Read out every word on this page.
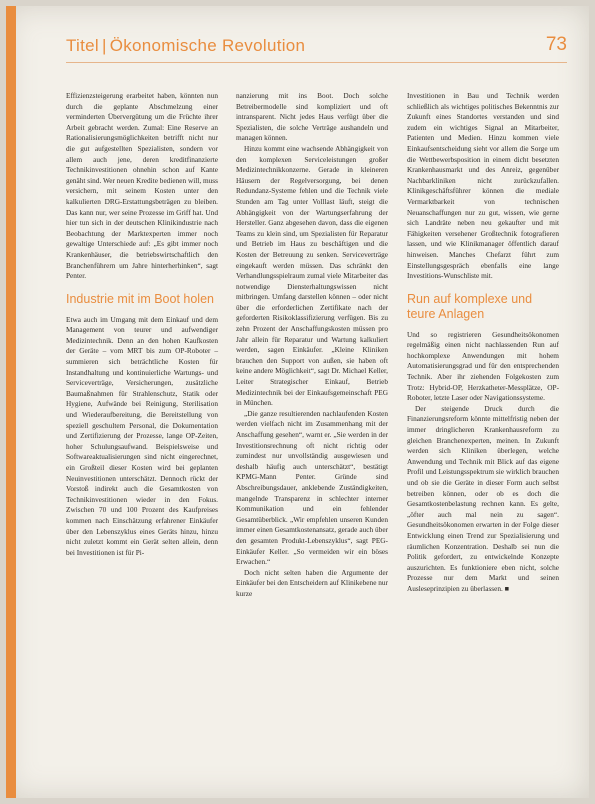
Titel | Ökonomische Revolution	73

Effizienzsteigerung erarbeitet haben, könnten nun durch die geplante Abschmelzung einer verminderten Übervergütung um die Früchte ihrer Arbeit gebracht werden. Zumal: Eine Reserve an Rationalisierungsmöglichkeiten betrifft nicht nur die gut aufgestellten Spezialisten, sondern vor allem auch jene, deren kreditfinanzierte Technikinvestitionen ohnehin schon auf Kante genäht sind. Wer neuen Kredite bedienen will, muss versichern, mit seinem Kosten unter den kalkulierten DRG-Erstattungsbeträgen zu bleiben. Das kann nur, wer seine Prozesse im Griff hat. Und hier tun sich in der deutschen Klinikindustrie nach Beobachtung der Marktexperten immer noch gewaltige Unterschiede auf: „Es gibt immer noch Krankenhäuser, die betriebswirtschaftlich den Branchenführern um Jahre hinterherhinken“, sagt Penter.

Industrie mit im Boot holen

Etwa auch im Umgang mit dem Einkauf und dem Management von teurer und aufwendiger Medizintechnik. Denn an den hohen Kaufkosten der Geräte – vom MRT bis zum OP-Roboter – summieren sich beträchtliche Kosten für Instandhaltung und kontinuierliche Wartungs- und Serviceverträge, Versicherungen, zusätzliche Baumaßnahmen für Strahlenschutz, Statik oder Hygiene, Aufwände bei Reinigung, Sterilisation und Wiederaufbereitung, die Bereitstellung von speziell geschultem Personal, die Dokumentation und Zertifizierung der Prozesse, lange OP-Zeiten, hoher Schulungsaufwand. Beispielsweise und Softwareaktualisierungen sind nicht eingerechnet, ein Großteil dieser Kosten wird bei geplanten Neuinvestitionen unterschätzt. Dennoch rückt der Vorstoß indirekt auch die Gesamtkosten von Technikinvestitionen wieder in den Fokus. Zwischen 70 und 100 Prozent des Kaufpreises kommen nach Einschätzung erfahrener Einkäufer über den Lebenszyklus eines Geräts hinzu, hinzu nicht zuletzt kommt ein Gerät selten allein, denn bei Investitionen ist für Pi-

nanzierung mit ins Boot. Doch solche Betreibermodelle sind kompliziert und oft intransparent. Nicht jedes Haus verfügt über die Spezialisten, die solche Verträge aushandeln und managen können.

Hinzu kommt eine wachsende Abhängigkeit von den komplexen Serviceleistungen großer Medizintechnikkonzerne. Gerade in kleineren Häusern der Regelversorgung, bei denen Redundanz-Systeme fehlen und die Technik viele Stunden am Tag unter Volllast läuft, steigt die Abhängigkeit von der Wartungserfahrung der Hersteller. Ganz abgesehen davon, dass die eigenen Teams zu klein sind, um Spezialisten für Reparatur und Betrieb im Haus zu beschäftigen und die Kosten der Betreuung zu senken. Serviceverträge eingekauft werden müssen. Das schränkt den Verhandlungsspielraum zumal viele Mitarbeiter das notwendige Diensterhaltungswissen nicht mitbringen. Umfang darstellen können – oder nicht über die erforderlichen Zertifikate nach der geforderten Risikoklassifizierung verfügen. Bis zu zehn Prozent der Anschaffungskosten müssen pro Jahr allein für Reparatur und Wartung kalkuliert werden, sagen Einkäufer. „Kleine Kliniken brauchen den Support von außen, sie haben oft keine andere Möglichkeit“, sagt Dr. Michael Keller, Leiter Strategischer Einkauf, Betrieb Medizintechnik bei der Einkaufsgemeinschaft PEG in München.

„Die ganze resultierenden nachlaufenden Kosten werden vielfach nicht im Zusammenhang mit der Anschaffung gesehen“, warnt er. „Sie werden in der Investitionsrechnung oft nicht richtig oder zumindest nur unvollständig ausgewiesen und deshalb häufig auch unterschätzt“, bestätigt KPMG-Mann Penter. Gründe sind Abschreibungsdauer, anklebende Zuständigkeiten, mangelnde Transparenz in schlechter interner Kommunikation und ein fehlender Gesamtüberblick. „Wir empfehlen unseren Kunden immer einen Gesamtkostenansatz, gerade auch über den gesamten Produkt-Lebenszyklus“, sagt PEG-Einkäufer Keller. „So vermeiden wir ein böses Erwachen.“

Doch nicht selten haben die Argumente der Einkäufer bei den Entscheidern auf Klinikebene nur kurze

Investitionen in Bau und Technik werden schließlich als wichtiges politisches Bekenntnis zur Zukunft eines Standortes verstanden und sind zudem ein wichtiges Signal an Mitarbeiter, Patienten und Medien. Hinzu kommen viele Einkaufsentscheidung sieht vor allem die Sorge um die Wettbewerbsposition in einem dicht besetzten Krankenhausmarkt und des Anreiz, gegenüber Nachbarkliniken nicht zurückzufallen. Klinikgeschäftsführer können die mediale Vermarktbarkeit von technischen Neuanschaffungen nur zu gut, wissen, wie gerne sich Landräte neben neu gekaufter und mit Fähigkeiten versehener Großtechnik fotografieren lassen, und wie Klinikmanager öffentlich darauf hinweisen. Manches Chefarzt führt zum Einstellungsgespräch ebenfalls eine lange Investitions-Wunschliste mit.

Run auf komplexe und teure Anlagen

Und so registrieren Gesundheitsökonomen regelmäßig einen nicht nachlassenden Run auf hochkomplexe Anwendungen mit hohem Automatisierungsgrad und für den entsprechenden Technik. Aber ihr ziehenden Folgekosten zum Trotz: Hybrid-OP, Herzkatheter-Messplätze, OP-Roboter, letzte Laser oder Navigationssysteme.

Der steigende Druck durch die Finanzierungsreform könnte mittelfristig neben der immer dringlicheren Krankenhausreform zu gleichen Branchenexperten, meinen. In Zukunft werden sich Kliniken überlegen, welche Anwendung und Technik mit Blick auf das eigene Profil und Leistungsspektrum sie wirklich brauchen und ob sie die Geräte in dieser Form auch selbst betreiben können, oder ob es doch die Gesamtkostenbelastung rechnen kann. Es gelte, „öfter auch mal nein zu sagen“. Gesundheitsökonomen erwarten in der Folge dieser Entwicklung einen Trend zur Spezialisierung und räumlichen Konzentration. Deshalb sei nun die Politik gefordert, zu entwickelnde Konzepte auszurichten. Es funktioniere eben nicht, solche Prozesse nur dem Markt und seinen Ausleseprinzipien zu überlassen. ■
